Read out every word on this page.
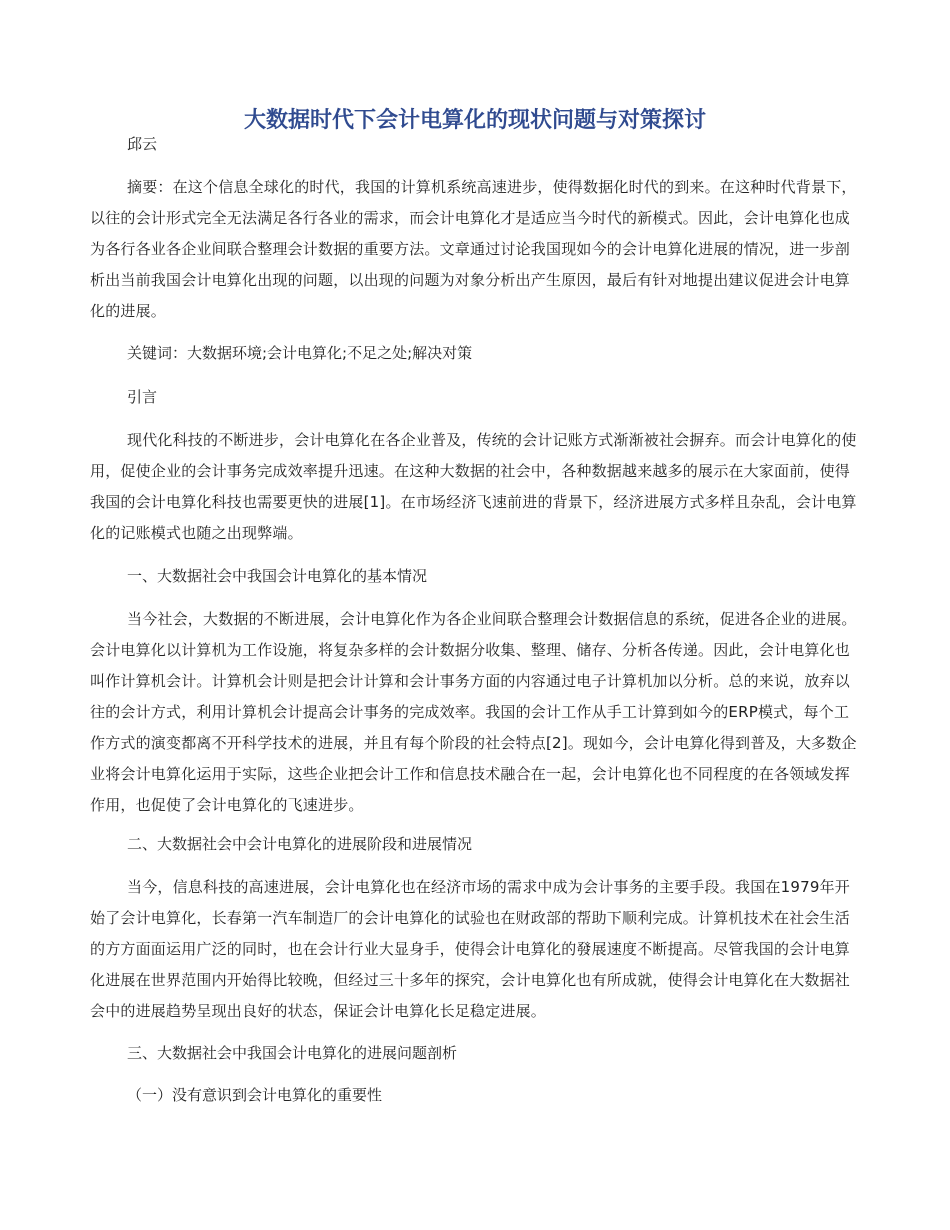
大数据时代下会计电算化的现状问题与对策探讨

邱云

摘要：在这个信息全球化的时代，我国的计算机系统高速进步，使得数据化时代的到来。在这种时代背景下，以往的会计形式完全无法满足各行各业的需求，而会计电算化才是适应当今时代的新模式。因此，会计电算化也成为各行各业各企业间联合整理会计数据的重要方法。文章通过讨论我国现如今的会计电算化进展的情况，进一步剖析出当前我国会计电算化出现的问题，以出现的问题为对象分析出产生原因，最后有针对地提出建议促进会计电算化的进展。

关键词：大数据环境;会计电算化;不足之处;解决对策

引言

现代化科技的不断进步，会计电算化在各企业普及，传统的会计记账方式渐渐被社会摒弃。而会计电算化的使用，促使企业的会计事务完成效率提升迅速。在这种大数据的社会中，各种数据越来越多的展示在大家面前，使得我国的会计电算化科技也需要更快的进展[1]。在市场经济飞速前进的背景下，经济进展方式多样且杂乱，会计电算化的记账模式也随之出现弊端。

一、大数据社会中我国会计电算化的基本情况

当今社会，大数据的不断进展，会计电算化作为各企业间联合整理会计数据信息的系统，促进各企业的进展。会计电算化以计算机为工作设施，将复杂多样的会计数据分收集、整理、储存、分析各传递。因此，会计电算化也叫作计算机会计。计算机会计则是把会计计算和会计事务方面的内容通过电子计算机加以分析。总的来说，放弃以往的会计方式，利用计算机会计提高会计事务的完成效率。我国的会计工作从手工计算到如今的ERP模式，每个工作方式的演变都离不开科学技术的进展，并且有每个阶段的社会特点[2]。现如今，会计电算化得到普及，大多数企业将会计电算化运用于实际，这些企业把会计工作和信息技术融合在一起，会计电算化也不同程度的在各领域发挥作用，也促使了会计电算化的飞速进步。

二、大数据社会中会计电算化的进展阶段和进展情况

当今，信息科技的高速进展，会计电算化也在经济市场的需求中成为会计事务的主要手段。我国在1979年开始了会计电算化，长春第一汽车制造厂的会计电算化的试验也在财政部的帮助下顺利完成。计算机技术在社会生活的方方面面运用广泛的同时，也在会计行业大显身手，使得会计电算化的發展速度不断提高。尽管我国的会计电算化进展在世界范围内开始得比较晚，但经过三十多年的探究，会计电算化也有所成就，使得会计电算化在大数据社会中的进展趋势呈现出良好的状态，保证会计电算化长足稳定进展。

三、大数据社会中我国会计电算化的进展问题剖析

（一）没有意识到会计电算化的重要性
